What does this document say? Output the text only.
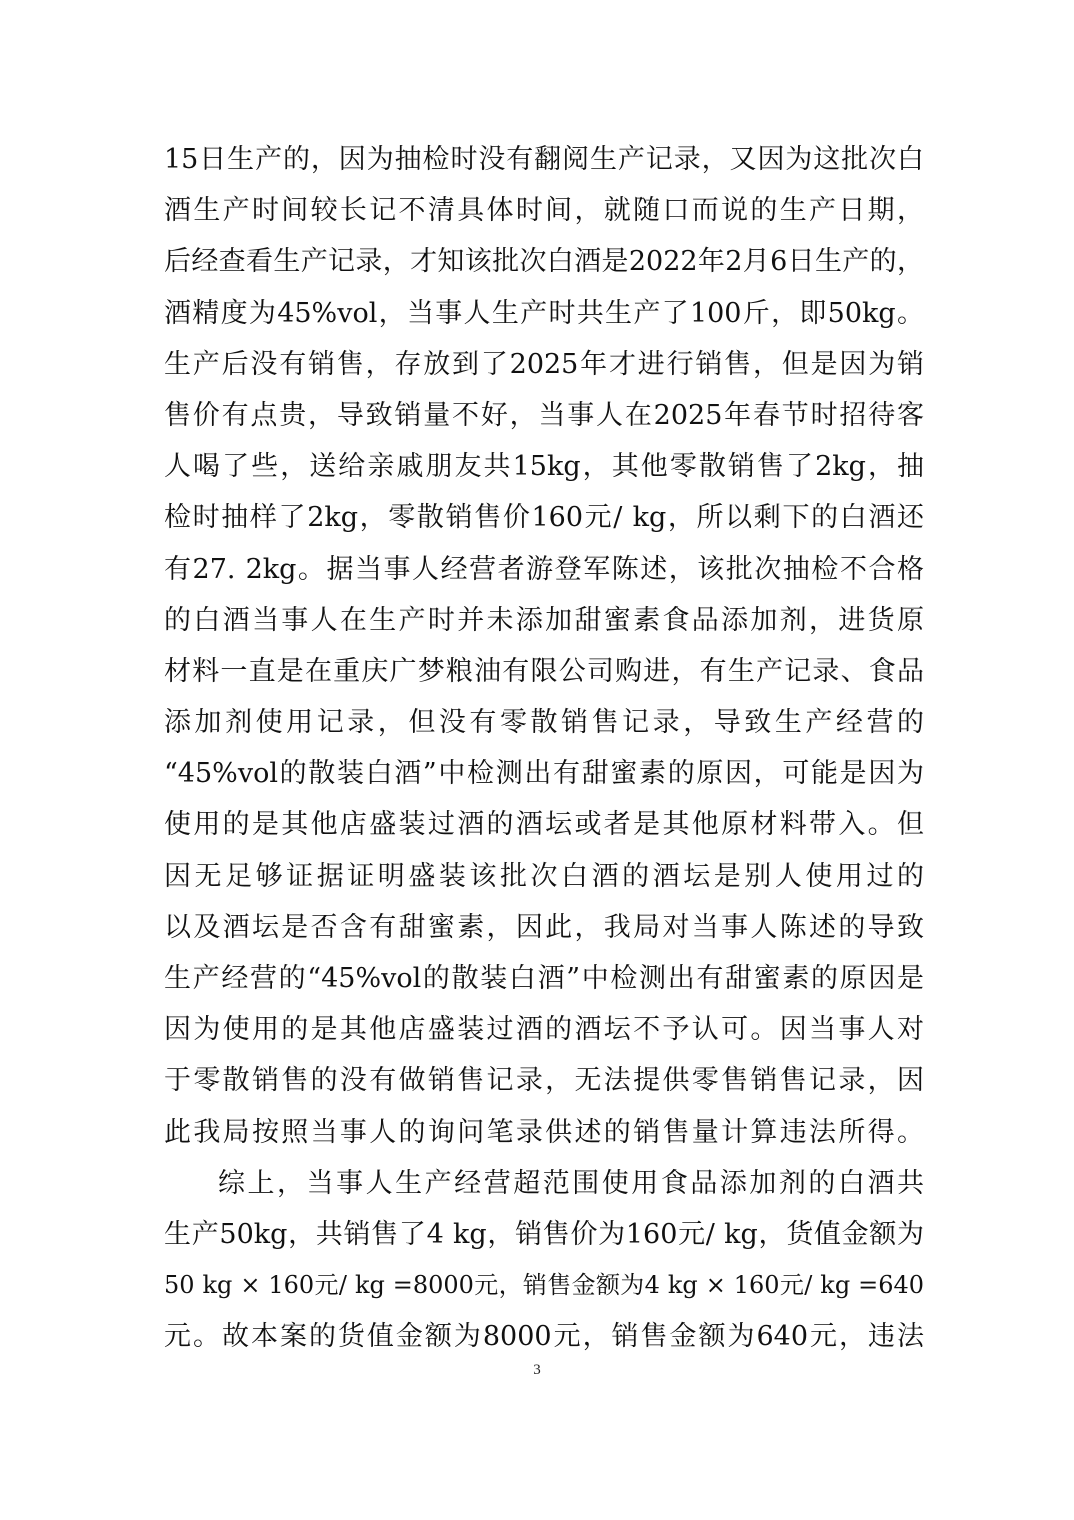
15日生产的，因为抽检时没有翻阅生产记录，又因为这批次白
酒生产时间较长记不清具体时间，就随口而说的生产日期，
后经查看生产记录，才知该批次白酒是2022年2月6日生产的，
酒精度为45%vol，当事人生产时共生产了100斤，即50kg。
生产后没有销售，存放到了2025年才进行销售，但是因为销
售价有点贵，导致销量不好，当事人在2025年春节时招待客
人喝了些，送给亲戚朋友共15kg，其他零散销售了2kg，抽
检时抽样了2kg，零散销售价160元/ kg，所以剩下的白酒还
有27. 2kg。据当事人经营者游登军陈述，该批次抽检不合格
的白酒当事人在生产时并未添加甜蜜素食品添加剂，进货原
材料一直是在重庆广梦粮油有限公司购进，有生产记录、食品
添加剂使用记录，但没有零散销售记录，导致生产经营的
“45%vol的散装白酒”中检测出有甜蜜素的原因，可能是因为
使用的是其他店盛装过酒的酒坛或者是其他原材料带入。但
因无足够证据证明盛装该批次白酒的酒坛是别人使用过的
以及酒坛是否含有甜蜜素，因此，我局对当事人陈述的导致
生产经营的“45%vol的散装白酒”中检测出有甜蜜素的原因是
因为使用的是其他店盛装过酒的酒坛不予认可。因当事人对
于零散销售的没有做销售记录，无法提供零售销售记录，因
此我局按照当事人的询问笔录供述的销售量计算违法所得。
综上，当事人生产经营超范围使用食品添加剂的白酒共
生产50kg，共销售了4 kg，销售价为160元/ kg，货值金额为
50 kg × 160元/ kg =8000元，销售金额为4 kg × 160元/ kg =640
元。故本案的货值金额为8000元，销售金额为640元，违法
3
